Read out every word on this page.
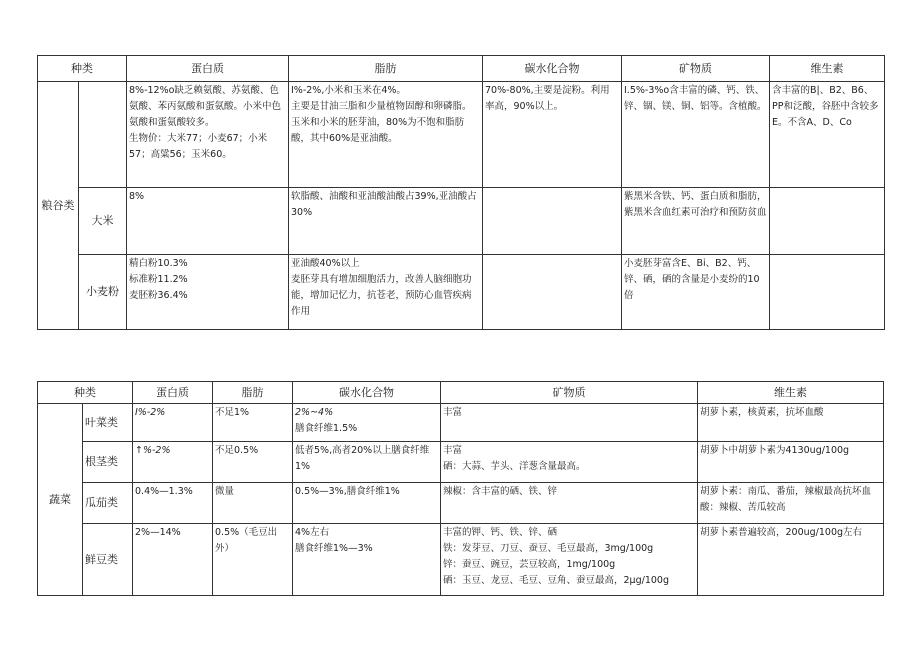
种类		蛋白质	脂肪	碳水化合物	矿物质	维生素
粮谷类		8%-12%o缺乏赖氨酸、苏氨酸、色氨酸、苯丙氨酸和蛋氨酸。小米中色氨酸和蛋氨酸较多。
生物价：大米77；小麦67；小米57；高粱56；玉米60。	I%-2%,小米和玉米在4%。
主要是甘油三脂和少量植物固醇和卵磷脂。
玉米和小米的胚芽油，80%为不饱和脂肪酸，其中60%是亚油酸。	70%-80%,主要是淀粉。利用率高，90%以上。	I.5%-3%o含丰富的磷、钙、铁、锌、锢、镁、铜、铝等。含植酸。	含丰富的B|、B2、B6、PP和泛酸，谷胚中含较多E。不含A、D、Co

	大米	8%	软脂酸、油酸和亚油酸油酸占39%,亚油酸占30%		紫黑米含铁、钙、蛋白质和脂肪，
紫黑米含血红素可治疗和预防贫血	

	小麦粉	精白粉10.3%
标准粉11.2%
麦胚粉36.4%	亚油酸40%以上
麦胚芽具有增加细胞活力，改善人脑细胞功能，增加记忆力，抗苍老，预防心血管疾病作用		小麦胚芽富含E、Bi、B2、钙、锌、硒，硒的含量是小麦纷的10倍	

种类		蛋白质	脂肪	碳水化合物	矿物质	维生素
蔬菜	叶菜类	I%-2%	不足1%	2%~4%
膳食纤维1.5%	丰富	胡萝卜素，核黄素，抗坏血酸

	根茎类	↑%-2%	不足0.5%	低者5%,高者20%以上膳食纤维1%	丰富
硒：大蒜、芋头、洋葱含量最高。	胡萝卜中胡萝卜素为4130ug/100g

	瓜茄类	0.4%—1.3%	微量	0.5%—3%,膳食纤维1%	辣椒：含丰富的硒、铁、锌	胡萝卜素：南瓜、番茄，辣椒最高抗坏血酸：辣椒、苦瓜较高

	鲜豆类	2%—14%	0.5%（毛豆出外）	4%左右
膳食纤维1%—3%	丰富的钾、钙、铁、锌、硒
铁：发芽豆、刀豆、蚕豆、毛豆最高，3mg/100g
锌：蚕豆、豌豆，芸豆较高，1mg/100g
硒：玉豆、龙豆、毛豆、豆角、蚕豆最高，2μg/100g	胡萝卜素普遍较高，200ug/100g左右
